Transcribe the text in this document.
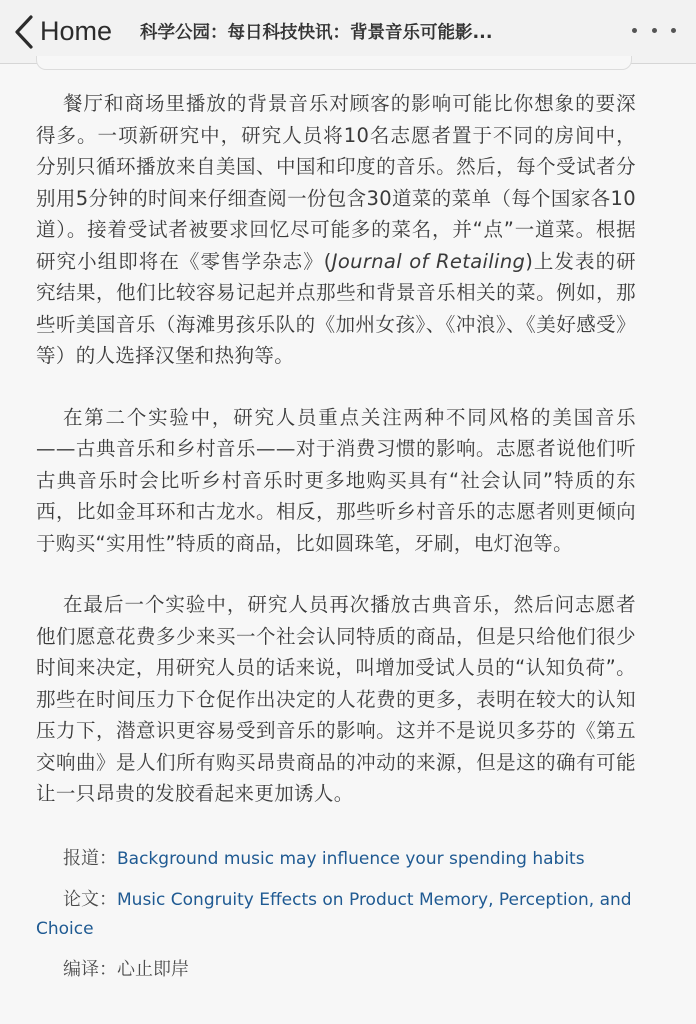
Home 科学公园：每日科技快讯：背景音乐可能影...

餐厅和商场里播放的背景音乐对顾客的影响可能比你想象的要深得多。一项新研究中，研究人员将10名志愿者置于不同的房间中，分别只循环播放来自美国、中国和印度的音乐。然后，每个受试者分别用5分钟的时间来仔细查阅一份包含30道菜的菜单（每个国家各10道）。接着受试者被要求回忆尽可能多的菜名，并“点”一道菜。根据研究小组即将在《零售学杂志》(Journal of Retailing)上发表的研究结果，他们比较容易记起并点那些和背景音乐相关的菜。例如，那些听美国音乐（海滩男孩乐队的《加州女孩》、《冲浪》、《美好感受》等）的人选择汉堡和热狗等。

在第二个实验中，研究人员重点关注两种不同风格的美国音乐——古典音乐和乡村音乐——对于消费习惯的影响。志愿者说他们听古典音乐时会比听乡村音乐时更多地购买具有“社会认同”特质的东西，比如金耳环和古龙水。相反，那些听乡村音乐的志愿者则更倾向于购买“实用性”特质的商品，比如圆珠笔，牙刷，电灯泡等。

在最后一个实验中，研究人员再次播放古典音乐，然后问志愿者他们愿意花费多少来买一个社会认同特质的商品，但是只给他们很少时间来决定，用研究人员的话来说，叫增加受试人员的“认知负荷”。那些在时间压力下仓促作出决定的人花费的更多，表明在较大的认知压力下，潜意识更容易受到音乐的影响。这并不是说贝多芬的《第五交响曲》是人们所有购买昂贵商品的冲动的来源，但是这的确有可能让一只昂贵的发胶看起来更加诱人。

报道：Background music may influence your spending habits
论文：Music Congruity Effects on Product Memory, Perception, and Choice
编译：心止即岸
